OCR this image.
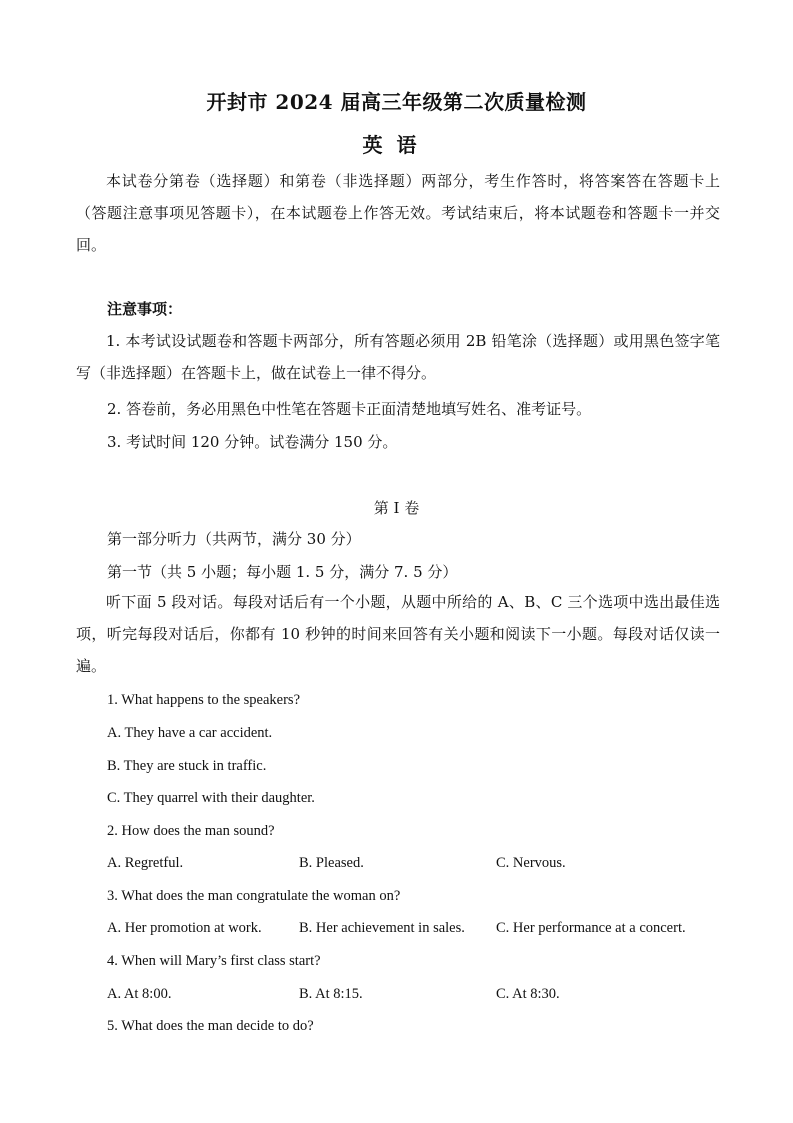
开封市 2024 届高三年级第二次质量检测
英语
本试卷分第卷（选择题）和第卷（非选择题）两部分，考生作答时，将答案答在答题卡上（答题注意事项见答题卡），在本试题卷上作答无效。考试结束后，将本试题卷和答题卡一并交回。
注意事项：
1. 本考试设试题卷和答题卡两部分，所有答题必须用 2B 铅笔涂（选择题）或用黑色签字笔写（非选择题）在答题卡上，做在试卷上一律不得分。
2. 答卷前，务必用黑色中性笔在答题卡正面清楚地填写姓名、准考证号。
3. 考试时间 120 分钟。试卷满分 150 分。
第 I 卷
第一部分听力（共两节，满分 30 分）
第一节（共 5 小题；每小题 1. 5 分，满分 7. 5 分）
听下面 5 段对话。每段对话后有一个小题，从题中所给的 A、B、C 三个选项中选出最佳选项，听完每段对话后，你都有 10 秒钟的时间来回答有关小题和阅读下一小题。每段对话仅读一遍。
1. What happens to the speakers?
A. They have a car accident.
B. They are stuck in traffic.
C. They quarrel with their daughter.
2. How does the man sound?
A. Regretful.	B. Pleased.	C. Nervous.
3. What does the man congratulate the woman on?
A. Her promotion at work.	B. Her achievement in sales. C. Her performance at a concert.
4. When will Mary’s first class start?
A. At 8:00.	B. At 8:15.	C. At 8:30.
5. What does the man decide to do?
